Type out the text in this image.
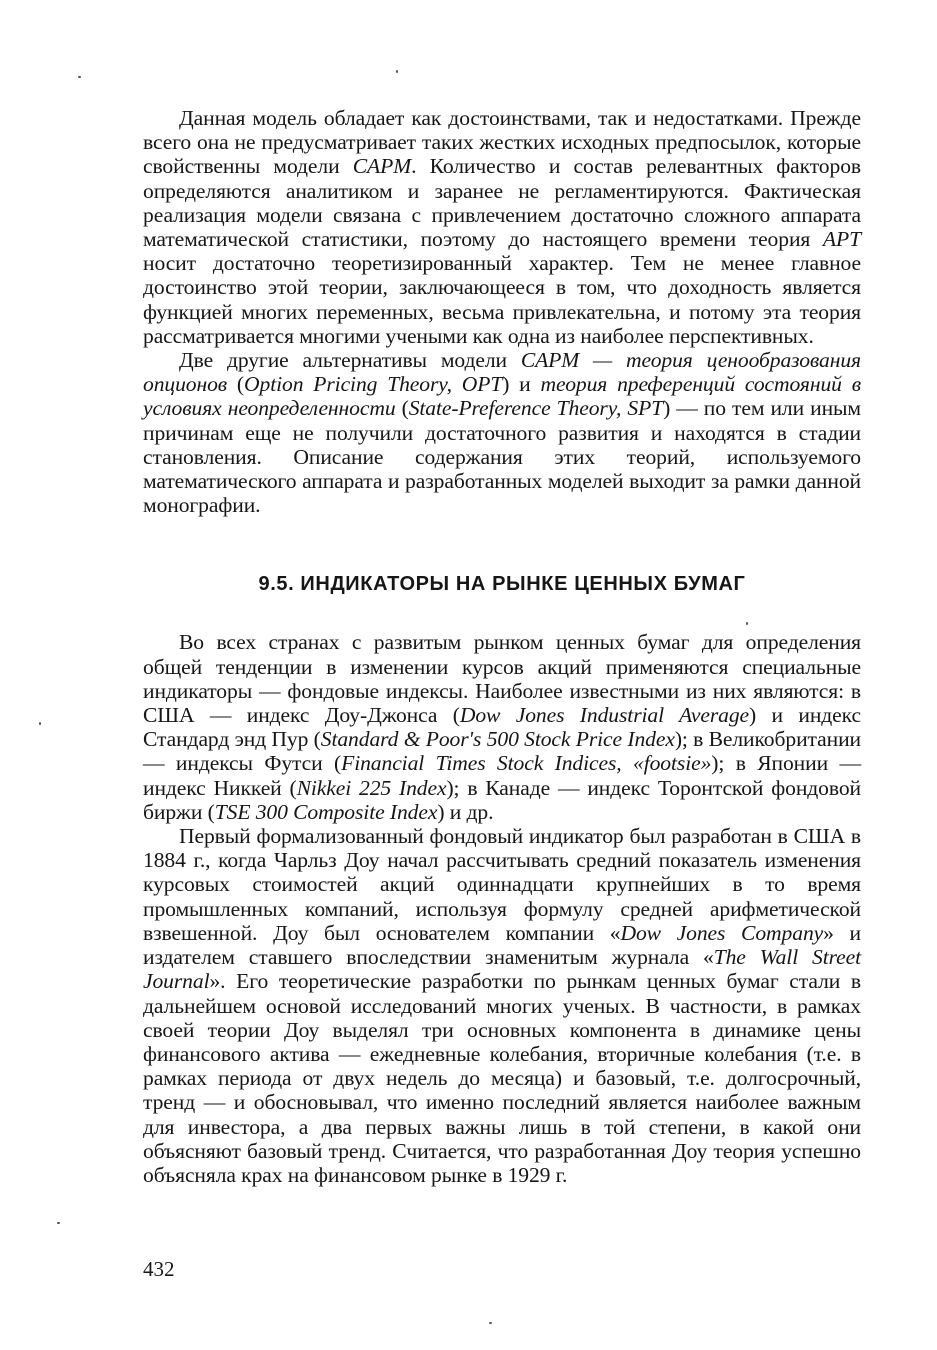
Данная модель обладает как достоинствами, так и недостатками. Прежде всего она не предусматривает таких жестких исходных предпосылок, которые свойственны модели CAPM. Количество и состав релевантных факторов определяются аналитиком и заранее не регламентируются. Фактическая реализация модели связана с привлечением достаточно сложного аппарата математической статистики, поэтому до настоящего времени теория APT носит достаточно теоретизированный характер. Тем не менее главное достоинство этой теории, заключающееся в том, что доходность является функцией многих переменных, весьма привлекательна, и потому эта теория рассматривается многими учеными как одна из наиболее перспективных.

Две другие альтернативы модели CAPM — теория ценообразования опционов (Option Pricing Theory, OPT) и теория преференций состояний в условиях неопределенности (State-Preference Theory, SPT) — по тем или иным причинам еще не получили достаточного развития и находятся в стадии становления. Описание содержания этих теорий, используемого математического аппарата и разработанных моделей выходит за рамки данной монографии.

9.5. ИНДИКАТОРЫ НА РЫНКЕ ЦЕННЫХ БУМАГ

Во всех странах с развитым рынком ценных бумаг для определения общей тенденции в изменении курсов акций применяются специальные индикаторы — фондовые индексы. Наиболее известными из них являются: в США — индекс Доу-Джонса (Dow Jones Industrial Average) и индекс Стандард энд Пур (Standard & Poor's 500 Stock Price Index); в Великобритании — индексы Футси (Financial Times Stock Indices, «footsie»); в Японии — индекс Никкей (Nikkei 225 Index); в Канаде — индекс Торонтской фондовой биржи (TSE 300 Composite Index) и др.

Первый формализованный фондовый индикатор был разработан в США в 1884 г., когда Чарльз Доу начал рассчитывать средний показатель изменения курсовых стоимостей акций одиннадцати крупнейших в то время промышленных компаний, используя формулу средней арифметической взвешенной. Доу был основателем компании «Dow Jones Company» и издателем ставшего впоследствии знаменитым журнала «The Wall Street Journal». Его теоретические разработки по рынкам ценных бумаг стали в дальнейшем основой исследований многих ученых. В частности, в рамках своей теории Доу выделял три основных компонента в динамике цены финансового актива — ежедневные колебания, вторичные колебания (т.е. в рамках периода от двух недель до месяца) и базовый, т.е. долгосрочный, тренд — и обосновывал, что именно последний является наиболее важным для инвестора, а два первых важны лишь в той степени, в какой они объясняют базовый тренд. Считается, что разработанная Доу теория успешно объясняла крах на финансовом рынке в 1929 г.

432
